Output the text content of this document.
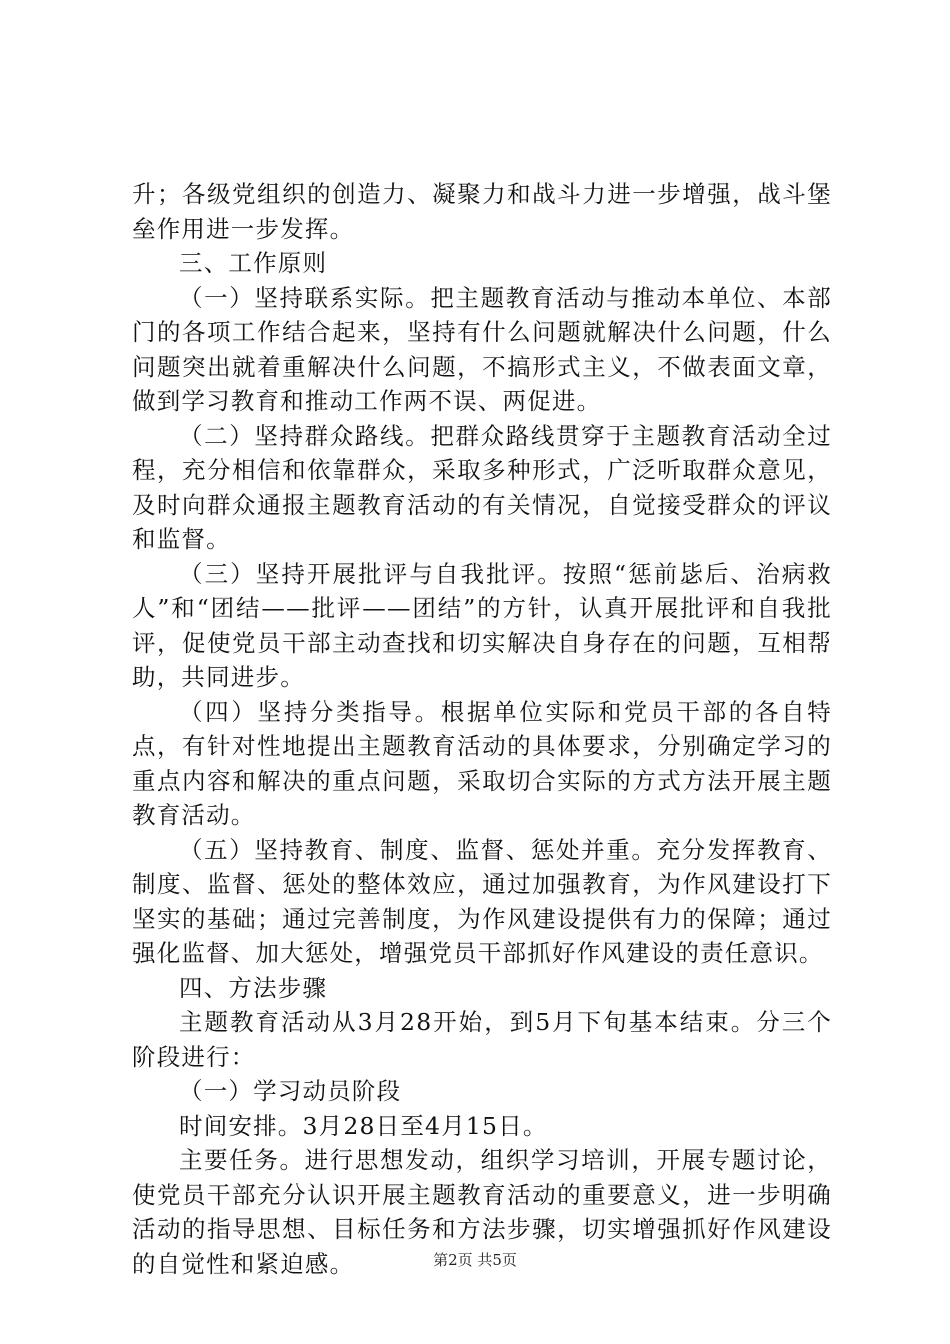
升；各级党组织的创造力、凝聚力和战斗力进一步增强，战斗堡垒作用进一步发挥。

三、工作原则

（一）坚持联系实际。把主题教育活动与推动本单位、本部门的各项工作结合起来，坚持有什么问题就解决什么问题，什么问题突出就着重解决什么问题，不搞形式主义，不做表面文章，做到学习教育和推动工作两不误、两促进。

（二）坚持群众路线。把群众路线贯穿于主题教育活动全过程，充分相信和依靠群众，采取多种形式，广泛听取群众意见，及时向群众通报主题教育活动的有关情况，自觉接受群众的评议和监督。

（三）坚持开展批评与自我批评。按照“惩前毖后、治病救人”和“团结——批评——团结”的方针，认真开展批评和自我批评，促使党员干部主动查找和切实解决自身存在的问题，互相帮助，共同进步。

（四）坚持分类指导。根据单位实际和党员干部的各自特点，有针对性地提出主题教育活动的具体要求，分别确定学习的重点内容和解决的重点问题，采取切合实际的方式方法开展主题教育活动。

（五）坚持教育、制度、监督、惩处并重。充分发挥教育、制度、监督、惩处的整体效应，通过加强教育，为作风建设打下坚实的基础；通过完善制度，为作风建设提供有力的保障；通过强化监督、加大惩处，增强党员干部抓好作风建设的责任意识。

四、方法步骤

主题教育活动从3月28开始，到5月下旬基本结束。分三个阶段进行：

（一）学习动员阶段

时间安排。3月28日至4月15日。

主要任务。进行思想发动，组织学习培训，开展专题讨论，使党员干部充分认识开展主题教育活动的重要意义，进一步明确活动的指导思想、目标任务和方法步骤，切实增强抓好作风建设的自觉性和紧迫感。	第2页 共5页
